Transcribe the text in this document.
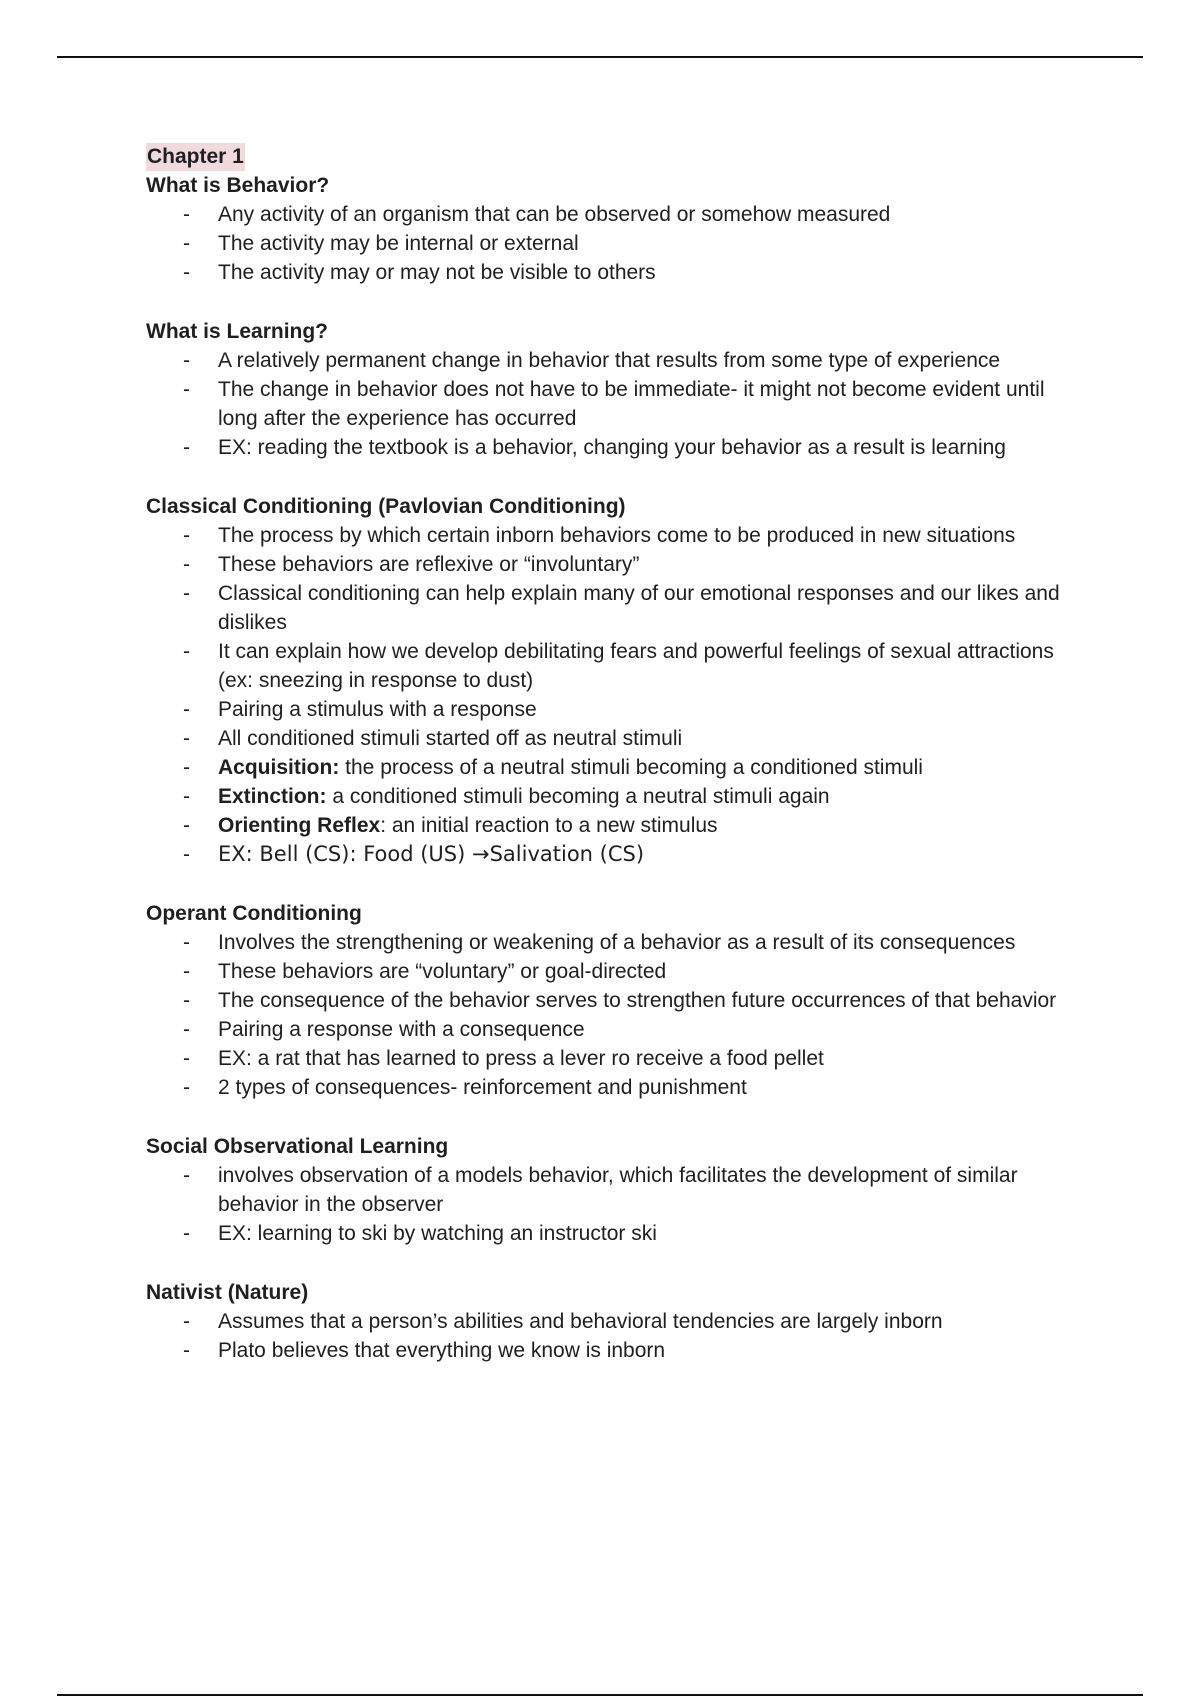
Chapter 1
What is Behavior?
- Any activity of an organism that can be observed or somehow measured
- The activity may be internal or external
- The activity may or may not be visible to others
What is Learning?
- A relatively permanent change in behavior that results from some type of experience
- The change in behavior does not have to be immediate- it might not become evident until long after the experience has occurred
- EX: reading the textbook is a behavior, changing your behavior as a result is learning
Classical Conditioning (Pavlovian Conditioning)
- The process by which certain inborn behaviors come to be produced in new situations
- These behaviors are reflexive or “involuntary”
- Classical conditioning can help explain many of our emotional responses and our likes and dislikes
- It can explain how we develop debilitating fears and powerful feelings of sexual attractions (ex: sneezing in response to dust)
- Pairing a stimulus with a response
- All conditioned stimuli started off as neutral stimuli
- Acquisition: the process of a neutral stimuli becoming a conditioned stimuli
- Extinction: a conditioned stimuli becoming a neutral stimuli again
- Orienting Reflex: an initial reaction to a new stimulus
- EX: Bell (CS): Food (US) →Salivation (CS)
Operant Conditioning
- Involves the strengthening or weakening of a behavior as a result of its consequences
- These behaviors are “voluntary” or goal-directed
- The consequence of the behavior serves to strengthen future occurrences of that behavior
- Pairing a response with a consequence
- EX: a rat that has learned to press a lever ro receive a food pellet
- 2 types of consequences- reinforcement and punishment
Social Observational Learning
- involves observation of a models behavior, which facilitates the development of similar behavior in the observer
- EX: learning to ski by watching an instructor ski
Nativist (Nature)
- Assumes that a person’s abilities and behavioral tendencies are largely inborn
- Plato believes that everything we know is inborn
